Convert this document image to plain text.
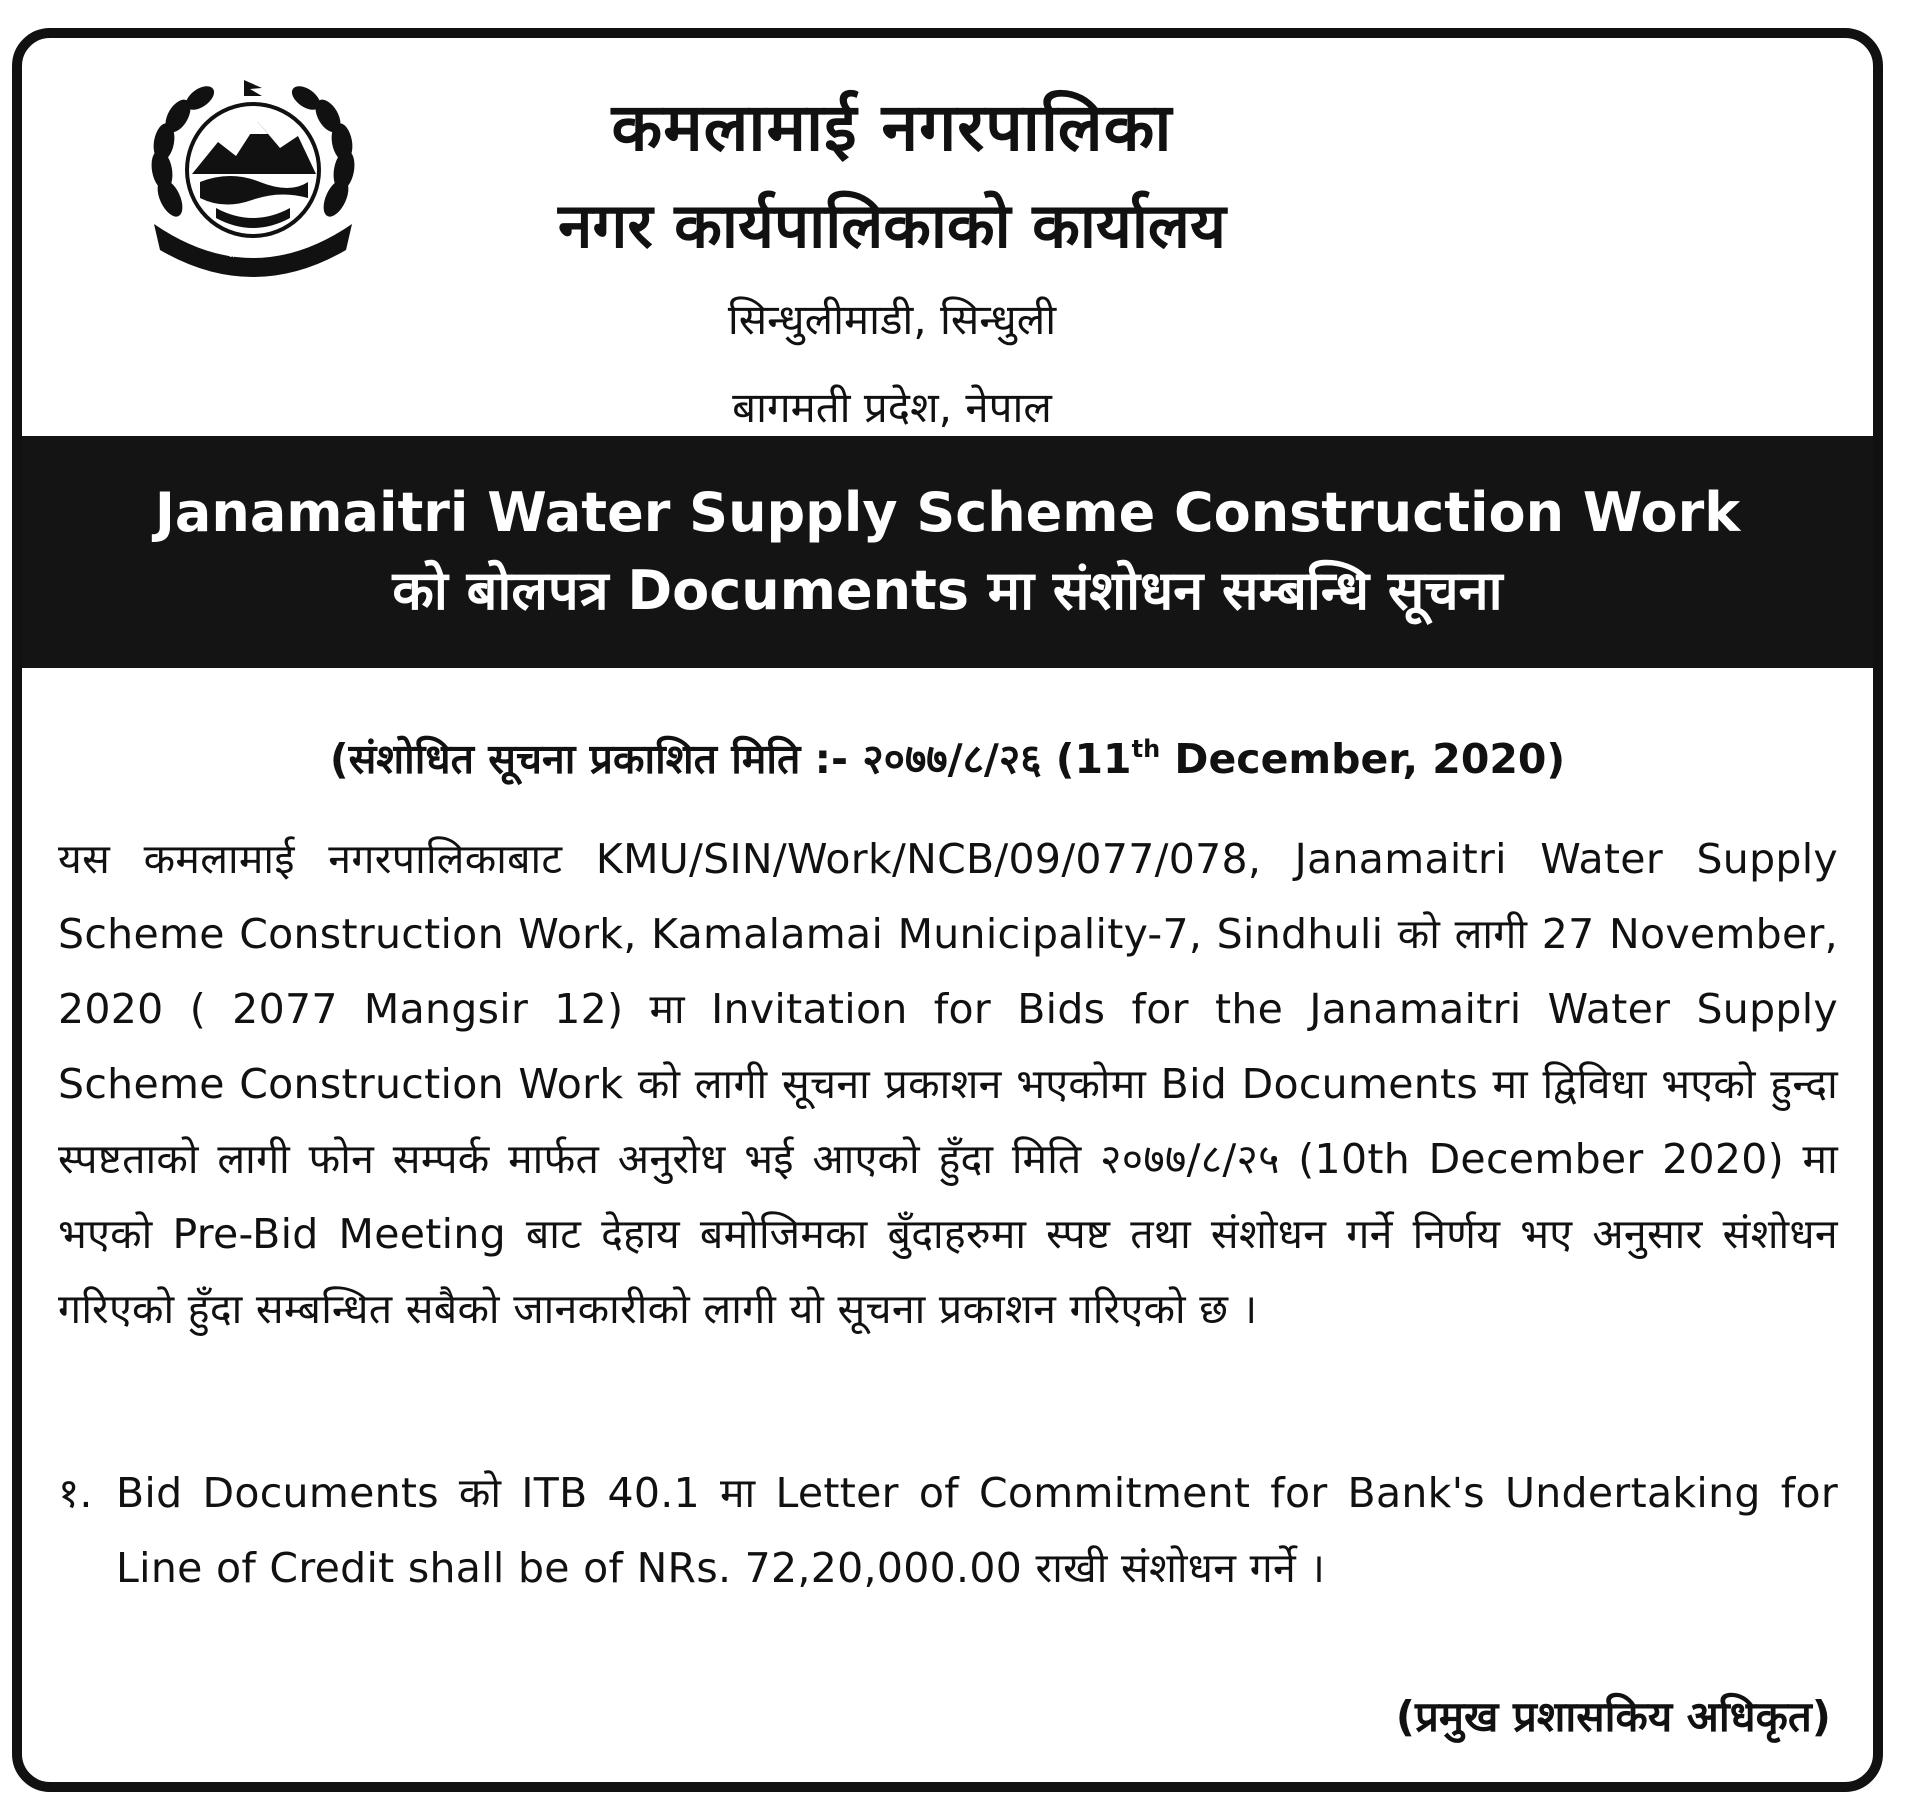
जननी जन्मभूमिश्च स्वर्गादपि गरीयसी
कमलामाई नगरपालिका
नगर कार्यपालिकाको कार्यालय
सिन्धुलीमाडी, सिन्धुली
बागमती प्रदेश, नेपाल
Janamaitri Water Supply Scheme Construction Work
को बोलपत्र Documents मा संशोधन सम्बन्धि सूचना
(संशोधित सूचना प्रकाशित मिति :- २०७७/८/२६ (11th December, 2020)

यस कमलामाई नगरपालिकाबाट KMU/SIN/Work/NCB/09/077/078, Janamaitri Water Supply Scheme Construction Work, Kamalamai Municipality-7, Sindhuli को लागी 27 November, 2020 ( 2077 Mangsir 12) मा Invitation for Bids for the Janamaitri Water Supply Scheme Construction Work को लागी सूचना प्रकाशन भएकोमा Bid Documents मा द्विविधा भएको हुन्दा स्पष्टताको लागी फोन सम्पर्क मार्फत अनुरोध भई आएको हुँदा मिति २०७७/८/२५ (10th December 2020) मा भएको Pre-Bid Meeting बाट देहाय बमोजिमका बुँदाहरुमा स्पष्ट तथा संशोधन गर्ने निर्णय भए अनुसार संशोधन गरिएको हुँदा सम्बन्धित सबैको जानकारीको लागी यो सूचना प्रकाशन गरिएको छ ।

१. Bid Documents को ITB 40.1 मा Letter of Commitment for Bank's Undertaking for Line of Credit shall be of NRs. 72,20,000.00 राखी संशोधन गर्ने ।
(प्रमुख प्रशासकिय अधिकृत)
